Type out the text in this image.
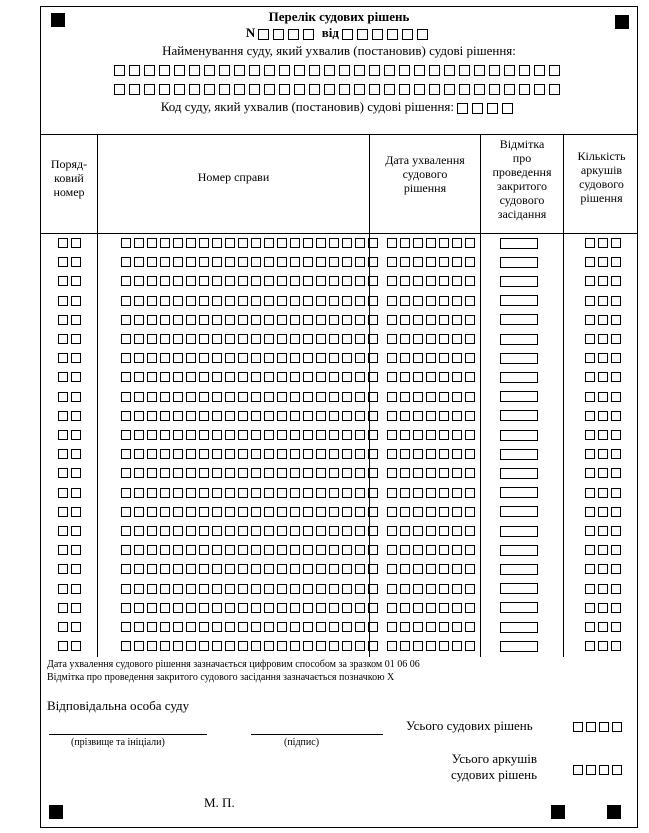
Перелік судових рішень
N	від
Найменування суду, який ухвалив (постановив) судові рішення:
Код суду, який ухвалив (постановив) судові рішення:
Поряд-
ковий
номер
Номер справи
Дата ухвалення
судового
рішення
Відмітка
про
проведення
закритого
судового
засідання
Кількість
аркушів
судового
рішення
Дата ухвалення судового рішення зазначається цифровим способом за зразком 01 06 06
Відмітка про проведення закритого судового засідання зазначається позначкою Х
Відповідальна особа суду
(прізвище та ініціали)	(підпис)
Усього судових рішень
Усього аркушів
судових рішень
М. П.
